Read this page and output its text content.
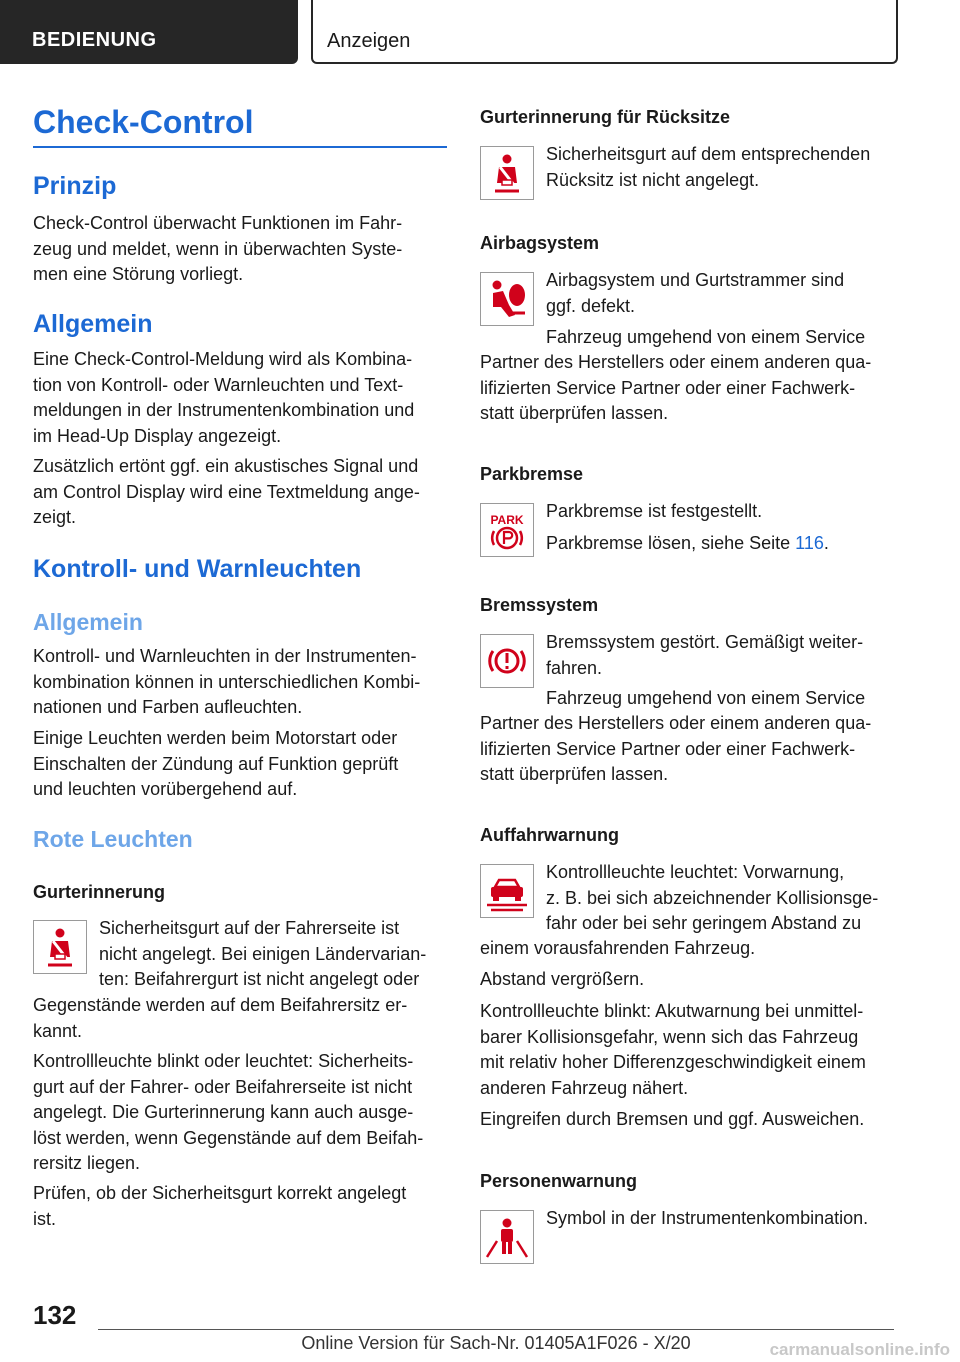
BEDIENUNG	Anzeigen
Check-Control
Prinzip
Check-Control überwacht Funktionen im Fahr-
zeug und meldet, wenn in überwachten Syste-
men eine Störung vorliegt.
Allgemein
Eine Check-Control-Meldung wird als Kombina-
tion von Kontroll- oder Warnleuchten und Text-
meldungen in der Instrumentenkombination und
im Head-Up Display angezeigt.
Zusätzlich ertönt ggf. ein akustisches Signal und
am Control Display wird eine Textmeldung ange-
zeigt.
Kontroll- und Warnleuchten
Allgemein
Kontroll- und Warnleuchten in der Instrumenten-
kombination können in unterschiedlichen Kombi-
nationen und Farben aufleuchten.
Einige Leuchten werden beim Motorstart oder
Einschalten der Zündung auf Funktion geprüft
und leuchten vorübergehend auf.
Rote Leuchten
Gurterinnerung
Sicherheitsgurt auf der Fahrerseite ist
nicht angelegt. Bei einigen Ländervarian-
ten: Beifahrergurt ist nicht angelegt oder
Gegenstände werden auf dem Beifahrersitz er-
kannt.
Kontrollleuchte blinkt oder leuchtet: Sicherheits-
gurt auf der Fahrer- oder Beifahrerseite ist nicht
angelegt. Die Gurterinnerung kann auch ausge-
löst werden, wenn Gegenstände auf dem Beifah-
rersitz liegen.
Prüfen, ob der Sicherheitsgurt korrekt angelegt
ist.
Gurterinnerung für Rücksitze
Sicherheitsgurt auf dem entsprechenden
Rücksitz ist nicht angelegt.
Airbagsystem
Airbagsystem und Gurtstrammer sind
ggf. defekt.
Fahrzeug umgehend von einem Service
Partner des Herstellers oder einem anderen qua-
lifizierten Service Partner oder einer Fachwerk-
statt überprüfen lassen.
Parkbremse
PARK Parkbremse ist festgestellt.
Parkbremse lösen, siehe Seite 116.
Bremssystem
Bremssystem gestört. Gemäßigt weiter-
fahren.
Fahrzeug umgehend von einem Service
Partner des Herstellers oder einem anderen qua-
lifizierten Service Partner oder einer Fachwerk-
statt überprüfen lassen.
Auffahrwarnung
Kontrollleuchte leuchtet: Vorwarnung,
z. B. bei sich abzeichnender Kollisionsge-
fahr oder bei sehr geringem Abstand zu
einem vorausfahrenden Fahrzeug.
Abstand vergrößern.
Kontrollleuchte blinkt: Akutwarnung bei unmittel-
barer Kollisionsgefahr, wenn sich das Fahrzeug
mit relativ hoher Differenzgeschwindigkeit einem
anderen Fahrzeug nähert.
Eingreifen durch Bremsen und ggf. Ausweichen.
Personenwarnung
Symbol in der Instrumentenkombination.
132
Online Version für Sach-Nr. 01405A1F026 - X/20	carmanualsonline.info
